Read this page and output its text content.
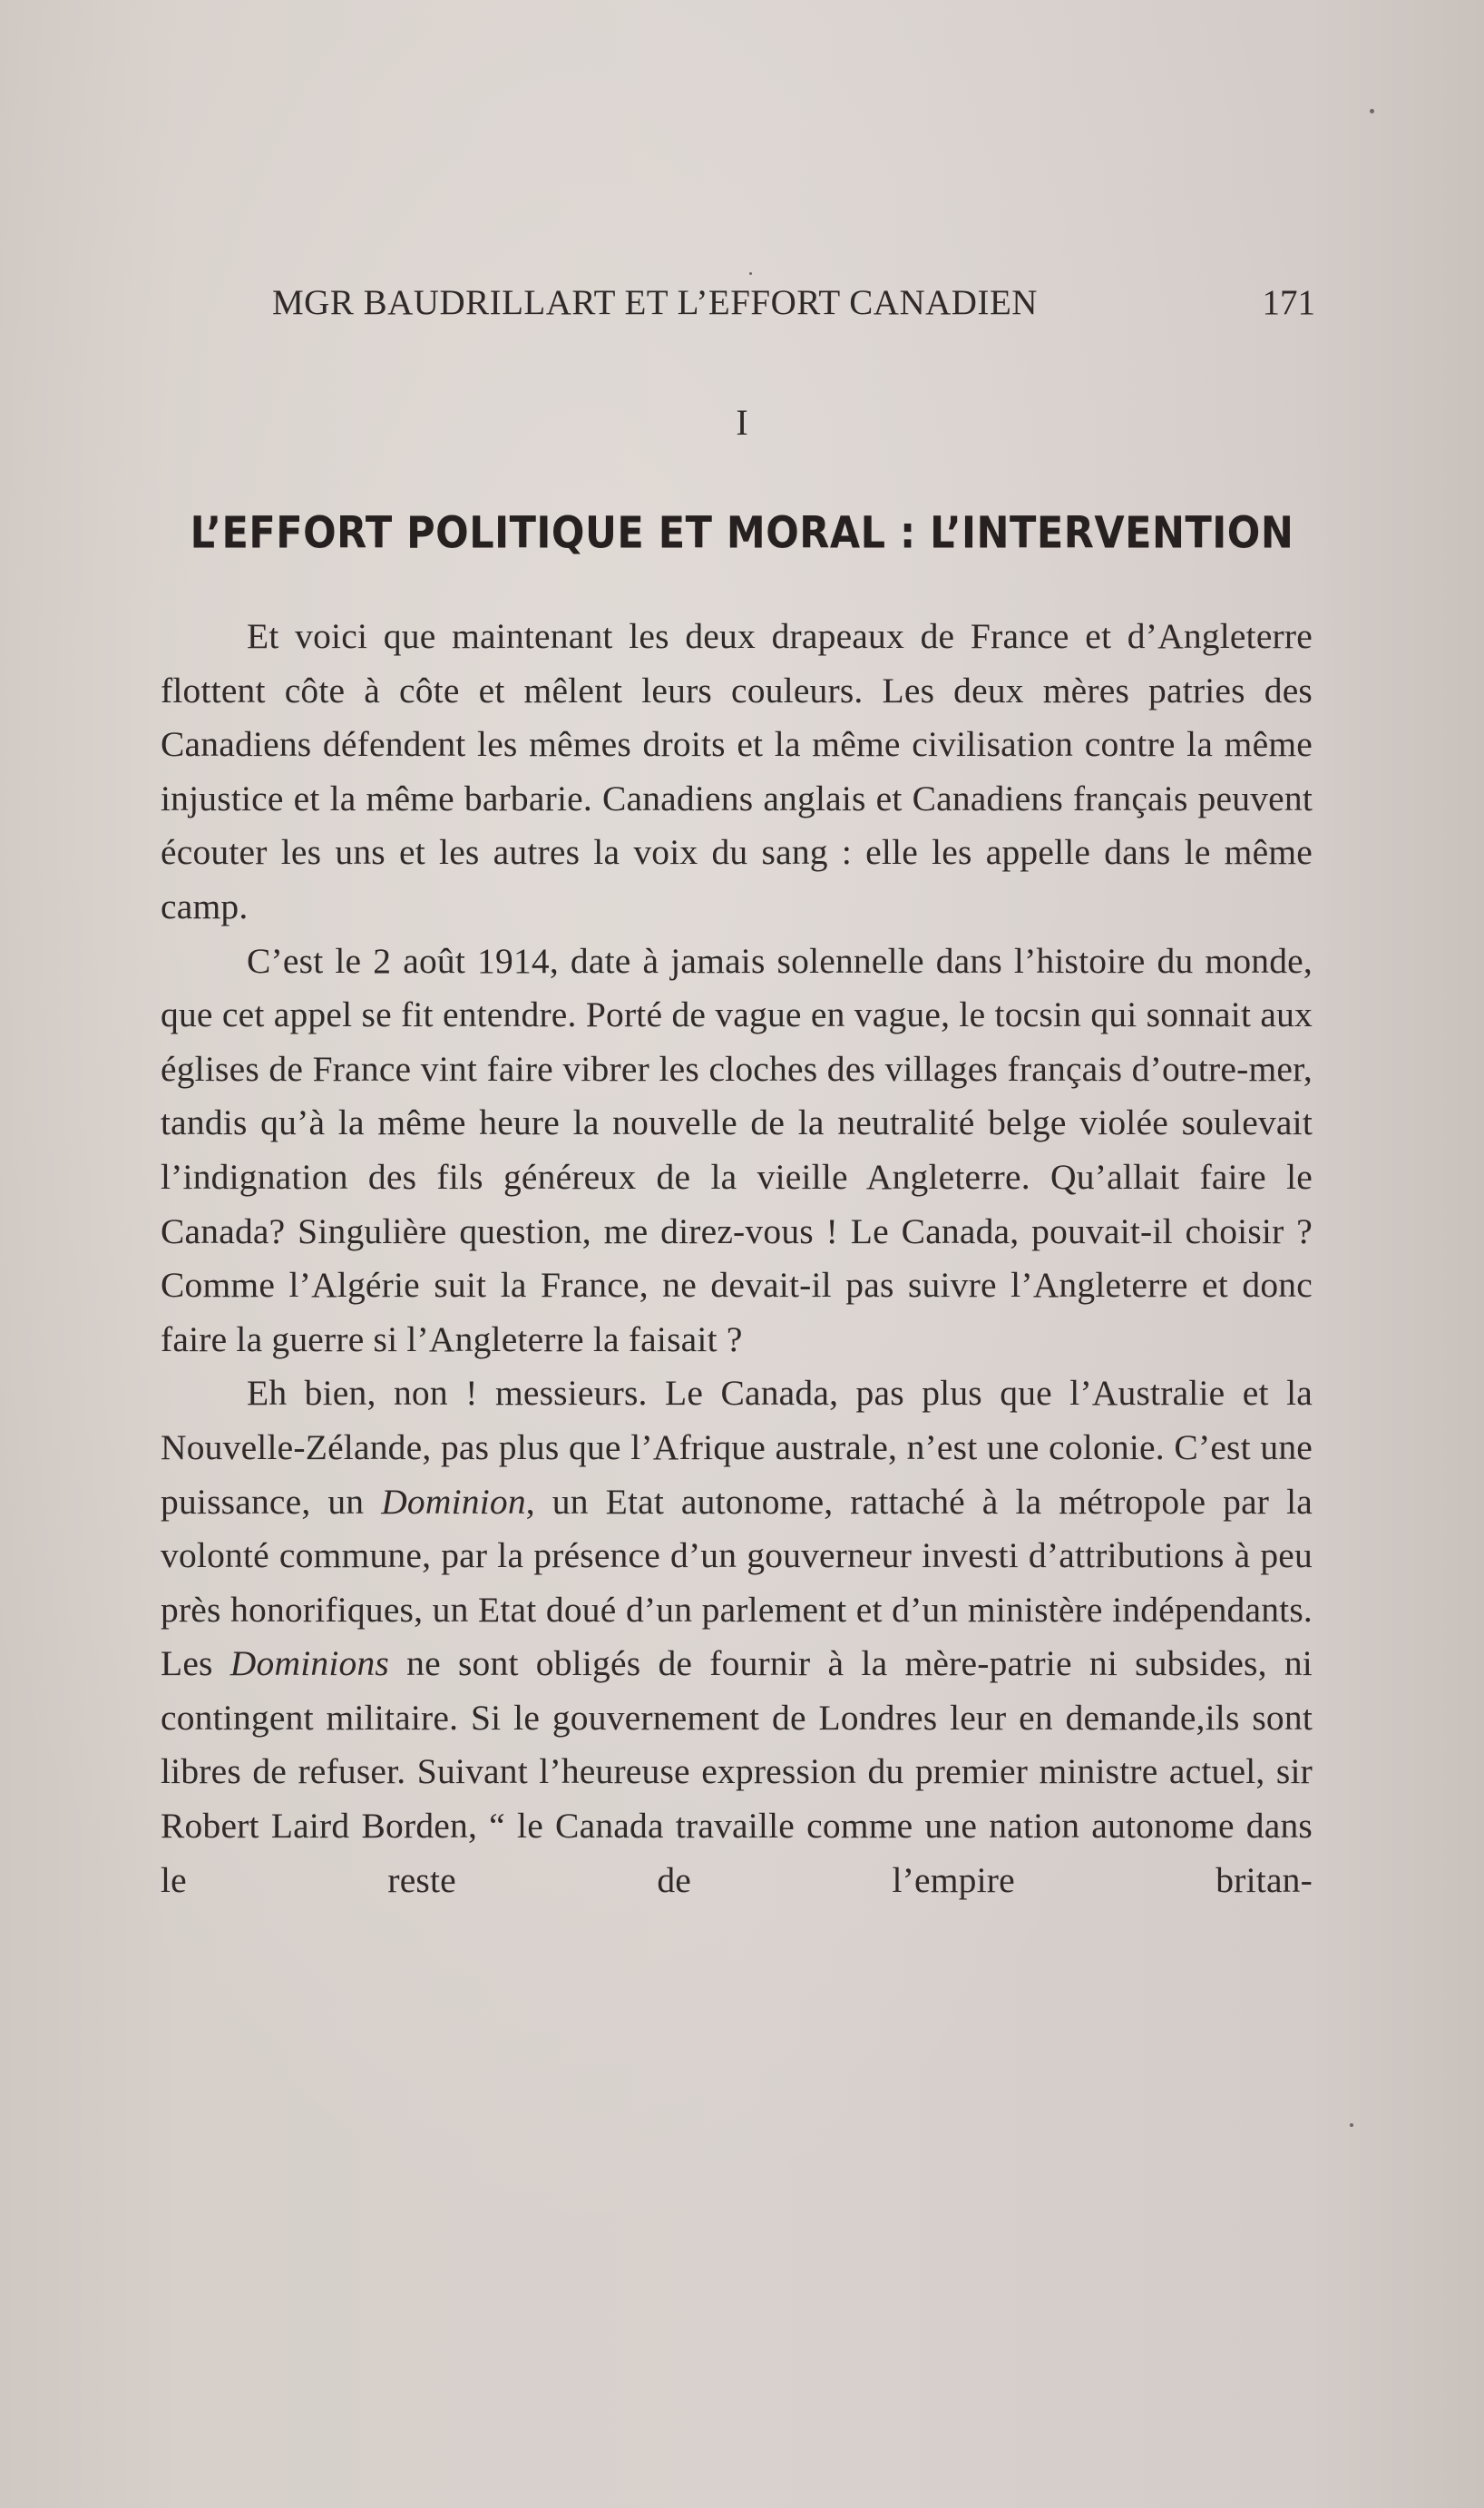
MGR BAUDRILLART ET L’EFFORT CANADIEN	171
I
L’EFFORT POLITIQUE ET MORAL : L’INTERVENTION

Et voici que maintenant les deux drapeaux de France et d’Angleterre flottent côte à côte et mêlent leurs couleurs. Les deux mères patries des Canadiens défendent les mêmes droits et la même civilisation contre la même injustice et la même barbarie. Canadiens anglais et Canadiens français peuvent écouter les uns et les autres la voix du sang : elle les appelle dans le même camp.

C’est le 2 août 1914, date à jamais solennelle dans l’histoire du monde, que cet appel se fit entendre. Porté de vague en vague, le tocsin qui sonnait aux églises de France vint faire vibrer les cloches des villages français d’outre-mer, tandis qu’à la même heure la nouvelle de la neutralité belge violée soulevait l’indignation des fils généreux de la vieille Angleterre. Qu’allait faire le Canada? Singulière question, me direz-vous ! Le Canada, pouvait-il choisir ? Comme l’Algérie suit la France, ne devait-il pas suivre l’Angleterre et donc faire la guerre si l’Angleterre la faisait ?

Eh bien, non ! messieurs. Le Canada, pas plus que l’Australie et la Nouvelle-Zélande, pas plus que l’Afrique australe, n’est une colonie. C’est une puissance, un Dominion, un Etat autonome, rattaché à la métropole par la volonté commune, par la présence d’un gouverneur investi d’attributions à peu près honorifiques, un Etat doué d’un parlement et d’un ministère indépendants. Les Dominions ne sont obligés de fournir à la mère-patrie ni subsides, ni contingent militaire. Si le gouvernement de Londres leur en demande,ils sont libres de refuser. Suivant l’heureuse expression du premier ministre actuel, sir Robert Laird Borden, “ le Canada travaille comme une nation autonome dans le reste de l’empire britan-
